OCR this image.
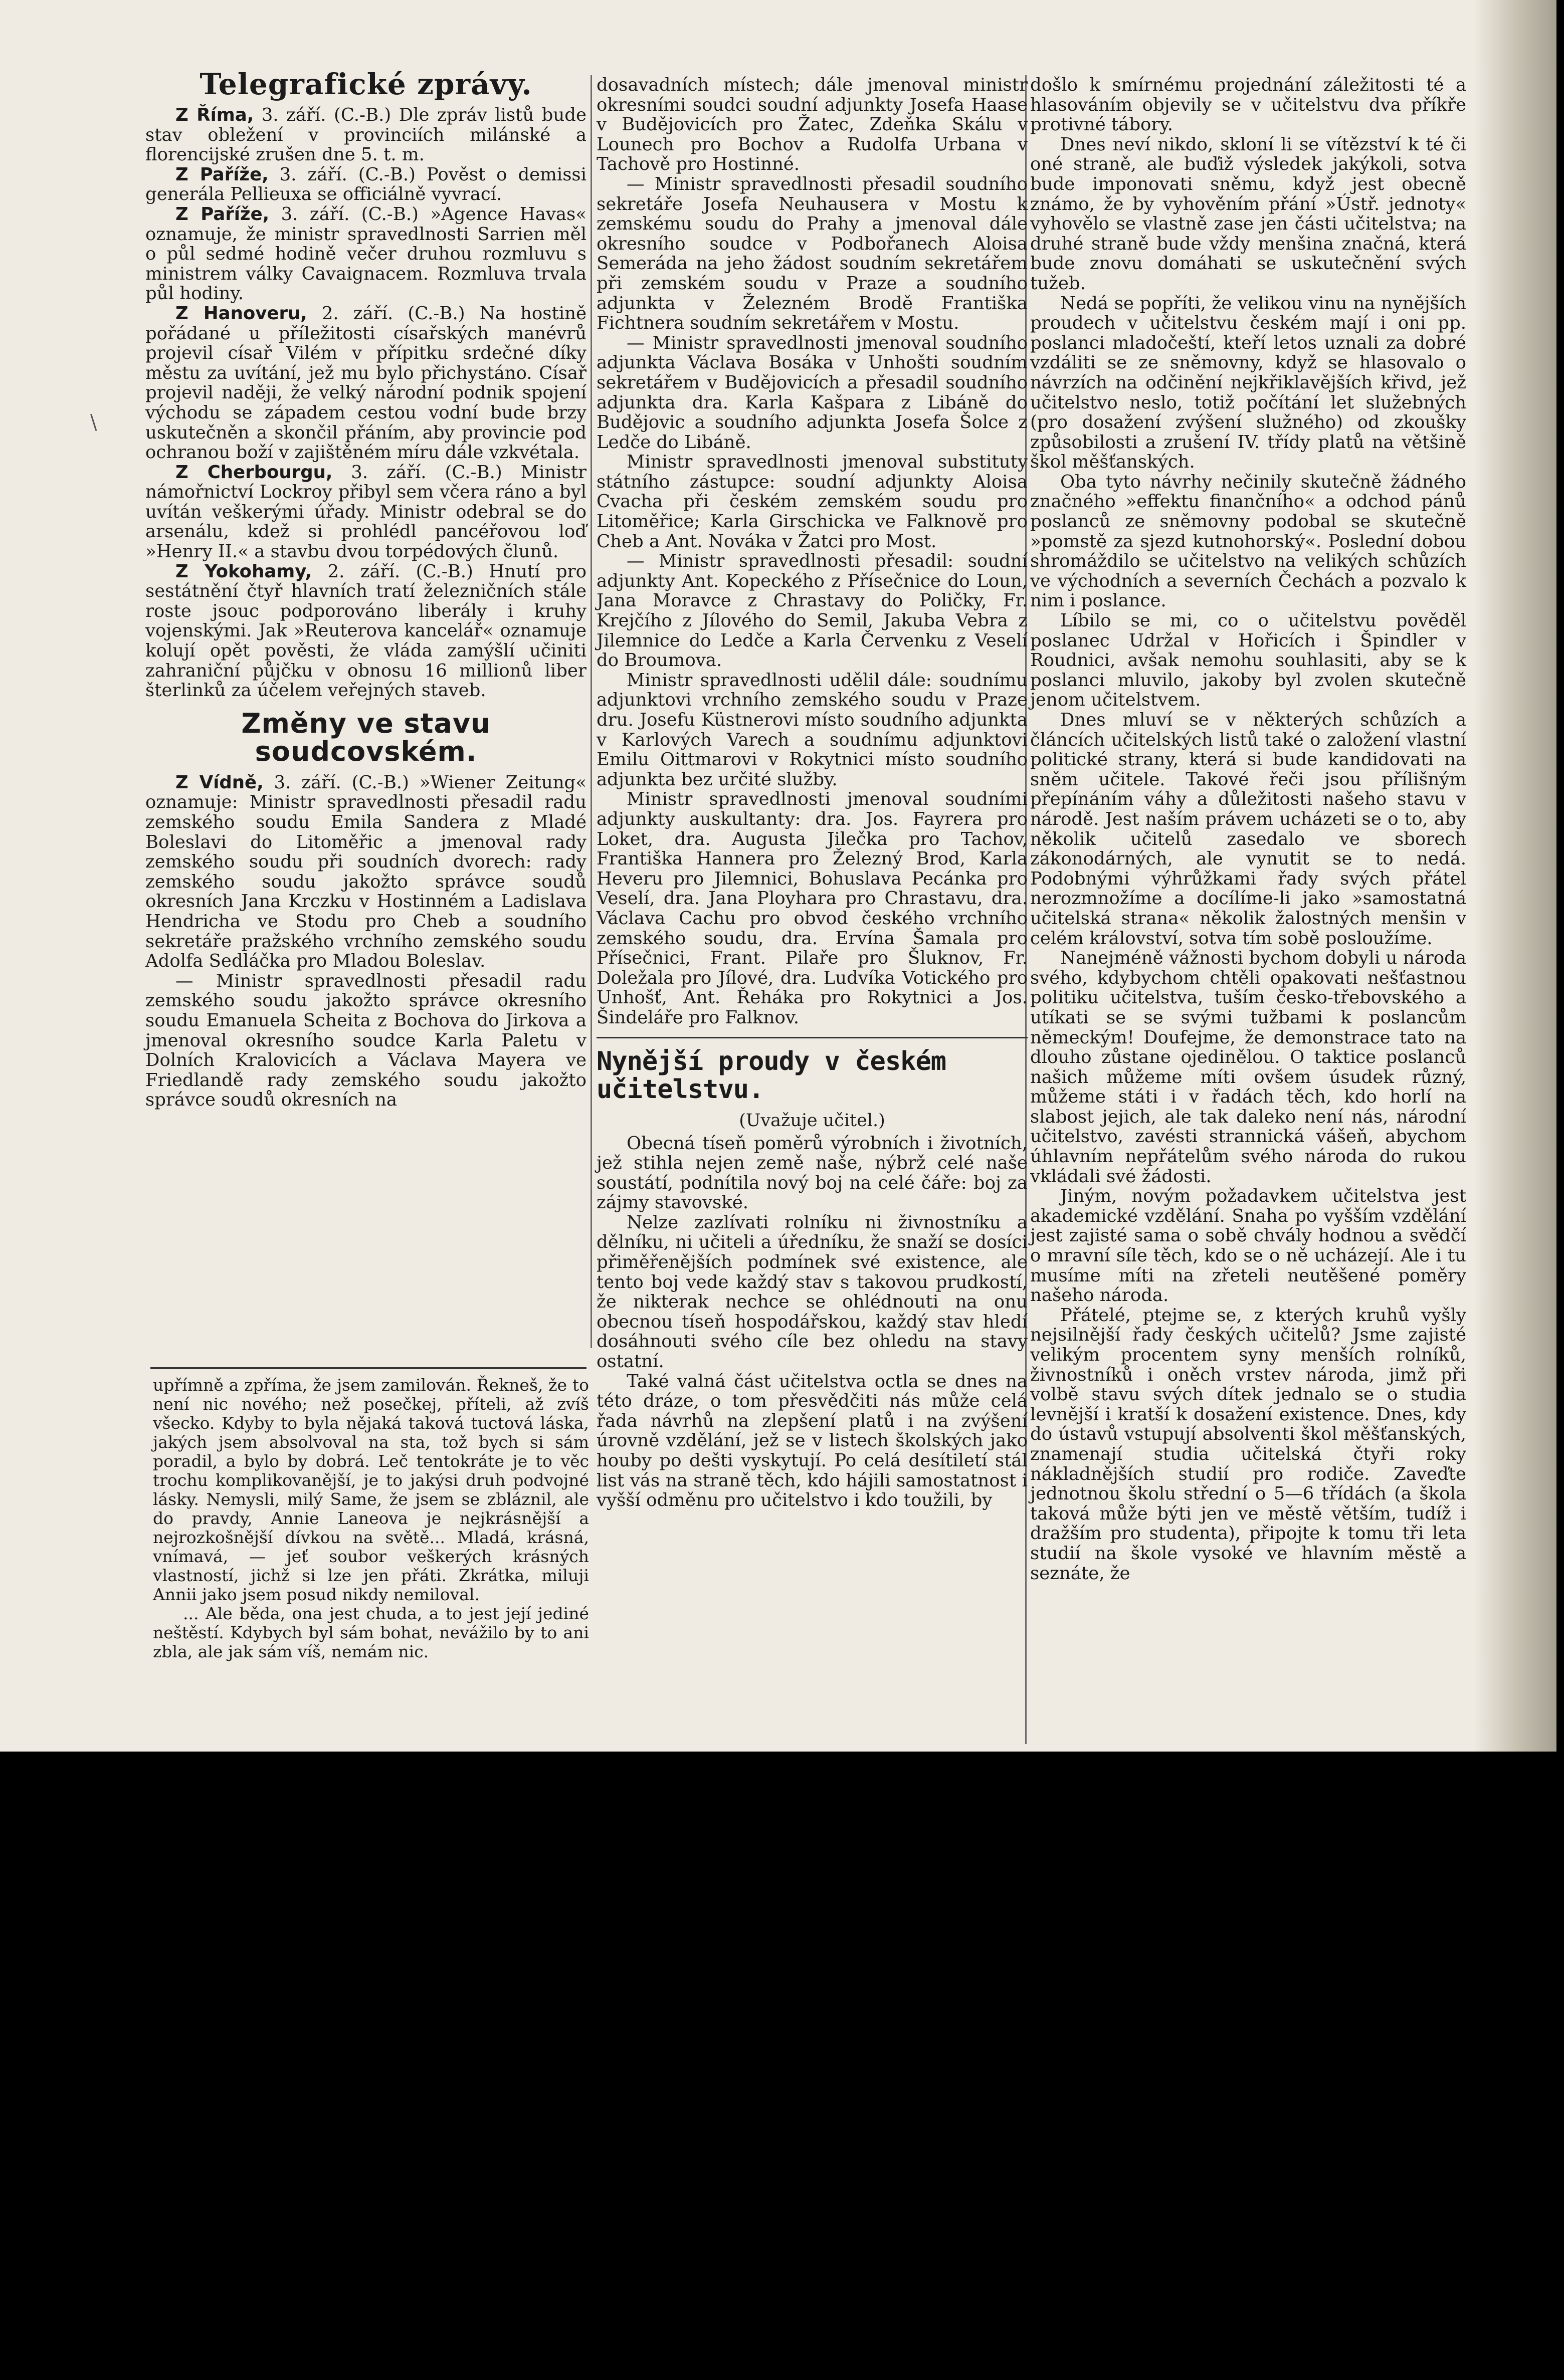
\
Telegrafické zprávy.

Z Říma, 3. září. (C.-B.) Dle zpráv listů bude stav obležení v provinciích milánské a florencijské zrušen dne 5. t. m.

Z Paříže, 3. září. (C.-B.) Pověst o demissi generála Pellieuxa se officiálně vyvrací.

Z Paříže, 3. září. (C.-B.) »Agence Havas« oznamuje, že ministr spravedlnosti Sarrien měl o půl sedmé hodině večer druhou rozmluvu s ministrem války Cavaignacem. Rozmluva trvala půl hodiny.

Z Hanoveru, 2. září. (C.-B.) Na hostině pořádané u příležitosti císařských manévrů projevil císař Vilém v přípitku srdečné díky městu za uvítání, jež mu bylo přichystáno. Císař projevil naději, že velký národní podnik spojení východu se západem cestou vodní bude brzy uskutečněn a skončil přáním, aby provincie pod ochranou boží v zajištěném míru dále vzkvétala.

Z Cherbourgu, 3. září. (C.-B.) Ministr námořnictví Lockroy přibyl sem včera ráno a byl uvítán veškerými úřady. Ministr odebral se do arsenálu, kdež si prohlédl pancéřovou loď »Henry II.« a stavbu dvou torpédových člunů.

Z Yokohamy, 2. září. (C.-B.) Hnutí pro sestátnění čtyř hlavních tratí železničních stále roste jsouc podporováno liberály i kruhy vojenskými. Jak »Reuterova kancelář« oznamuje kolují opět pověsti, že vláda zamýšlí učiniti zahraniční půjčku v obnosu 16 millionů liber šterlinků za účelem veřejných staveb.

Změny ve stavu soudcovském.

Z Vídně, 3. září. (C.-B.) »Wiener Zeitung« oznamuje: Ministr spravedlnosti přesadil radu zemského soudu Emila Sandera z Mladé Boleslavi do Litoměřic a jmenoval rady zemského soudu při soudních dvorech: rady zemského soudu jakožto správce soudů okresních Jana Krczku v Hostinném a Ladislava Hendricha ve Stodu pro Cheb a soudního sekretáře pražského vrchního zemského soudu Adolfa Sedláčka pro Mladou Boleslav.

— Ministr spravedlnosti přesadil radu zemského soudu jakožto správce okresního soudu Emanuela Scheita z Bochova do Jirkova a jmenoval okresního soudce Karla Paletu v Dolních Kralovicích a Václava Mayera ve Friedlandě rady zemského soudu jakožto správce soudů okresních na

dosavadních místech; dále jmenoval ministr okresními soudci soudní adjunkty Josefa Haase v Budějovicích pro Žatec, Zdeňka Skálu v Lounech pro Bochov a Rudolfa Urbana v Tachově pro Hostinné.

— Ministr spravedlnosti přesadil soudního sekretáře Josefa Neuhausera v Mostu k zemskému soudu do Prahy a jmenoval dále okresního soudce v Podbořanech Aloisa Semeráda na jeho žádost soudním sekretářem při zemském soudu v Praze a soudního adjunkta v Železném Brodě Františka Fichtnera soudním sekretářem v Mostu.

— Ministr spravedlnosti jmenoval soudního adjunkta Václava Bosáka v Unhošti soudním sekretářem v Budějovicích a přesadil soudního adjunkta dra. Karla Kašpara z Libáně do Budějovic a soudního adjunkta Josefa Šolce z Ledče do Libáně.

Ministr spravedlnosti jmenoval substituty státního zástupce: soudní adjunkty Aloisa Cvacha při českém zemském soudu pro Litoměřice; Karla Girschicka ve Falknově pro Cheb a Ant. Nováka v Žatci pro Most.

— Ministr spravedlnosti přesadil: soudní adjunkty Ant. Kopeckého z Přísečnice do Loun, Jana Moravce z Chrastavy do Poličky, Fr. Krejčího z Jílového do Semil, Jakuba Vebra z Jilemnice do Ledče a Karla Červenku z Veselí do Broumova.

Ministr spravedlnosti udělil dále: soudnímu adjunktovi vrchního zemského soudu v Praze dru. Josefu Küstnerovi místo soudního adjunkta v Karlových Varech a soudnímu adjunktovi Emilu Oittmarovi v Rokytnici místo soudního adjunkta bez určité služby.

Ministr spravedlnosti jmenoval soudními adjunkty auskultanty: dra. Jos. Fayrera pro Loket, dra. Augusta Jilečka pro Tachov, Františka Hannera pro Železný Brod, Karla Heveru pro Jilemnici, Bohuslava Pecánka pro Veselí, dra. Jana Ployhara pro Chrastavu, dra. Václava Cachu pro obvod českého vrchního zemského soudu, dra. Ervína Šamala pro Přísečnici, Frant. Pilaře pro Šluknov, Fr. Doležala pro Jílové, dra. Ludvíka Votického pro Unhošť, Ant. Řeháka pro Rokytnici a Jos. Šindeláře pro Falknov.

Nynější proudy v českém učitelstvu.
(Uvažuje učitel.)

Obecná tíseň poměrů výrobních i životních, jež stihla nejen země naše, nýbrž celé naše soustátí, podnítila nový boj na celé čáře: boj za zájmy stavovské.

Nelze zazlívati rolníku ni živnostníku a dělníku, ni učiteli a úředníku, že snaží se dosíci přiměřenějších podmínek své existence, ale tento boj vede každý stav s takovou prudkostí, že nikterak nechce se ohlédnouti na onu obecnou tíseň hospodářskou, každý stav hledí dosáhnouti svého cíle bez ohledu na stavy ostatní.

Také valná část učitelstva octla se dnes na této dráze, o tom přesvědčiti nás může celá řada návrhů na zlepšení platů i na zvýšení úrovně vzdělání, jež se v listech školských jako houby po dešti vyskytují. Po celá desítiletí stál list vás na straně těch, kdo hájili samostatnost i vyšší odměnu pro učitelstvo i kdo toužili, by

došlo k smírnému projednání záležitosti té a hlasováním objevily se v učitelstvu dva příkře protivné tábory.

Dnes neví nikdo, skloní li se vítězství k té či oné straně, ale buďiž výsledek jakýkoli, sotva bude imponovati sněmu, když jest obecně známo, že by vyhověním přání »Ústř. jednoty« vyhovělo se vlastně zase jen části učitelstva; na druhé straně bude vždy menšina značná, která bude znovu domáhati se uskutečnění svých tužeb.

Nedá se popříti, že velikou vinu na nynějších proudech v učitelstvu českém mají i oni pp. poslanci mladočeští, kteří letos uznali za dobré vzdáliti se ze sněmovny, když se hlasovalo o návrzích na odčinění nejkřiklavějších křivd, jež učitelstvo neslo, totiž počítání let služebných (pro dosažení zvýšení služného) od zkoušky způsobilosti a zrušení IV. třídy platů na většině škol měšťanských.

Oba tyto návrhy nečinily skutečně žádného značného »effektu finančního« a odchod pánů poslanců ze sněmovny podobal se skutečně »pomstě za sjezd kutnohorský«. Poslední dobou shromáždilo se učitelstvo na velikých schůzích ve východních a severních Čechách a pozvalo k nim i poslance.

Líbilo se mi, co o učitelstvu pověděl poslanec Udržal v Hořicích i Špindler v Roudnici, avšak nemohu souhlasiti, aby se k poslanci mluvilo, jakoby byl zvolen skutečně jenom učitelstvem.

Dnes mluví se v některých schůzích a článcích učitelských listů také o založení vlastní politické strany, která si bude kandidovati na sněm učitele. Takové řeči jsou přílišným přepínáním váhy a důležitosti našeho stavu v národě. Jest naším právem ucházeti se o to, aby několik učitelů zasedalo ve sborech zákonodárných, ale vynutit se to nedá. Podobnými výhrůžkami řady svých přátel nerozmnožíme a docílíme-li jako »samostatná učitelská strana« několik žalostných menšin v celém království, sotva tím sobě posloužíme.

Nanejméně vážnosti bychom dobyli u národa svého, kdybychom chtěli opakovati nešťastnou politiku učitelstva, tuším česko-třebovského a utíkati se se svými tužbami k poslancům německým! Doufejme, že demonstrace tato na dlouho zůstane ojedinělou. O taktice poslanců našich můžeme míti ovšem úsudek různý, můžeme státi i v řadách těch, kdo horlí na slabost jejich, ale tak daleko není nás, národní učitelstvo, zavésti strannická vášeň, abychom úhlavním nepřátelům svého národa do rukou vkládali své žádosti.

Jiným, novým požadavkem učitelstva jest akademické vzdělání. Snaha po vyšším vzdělání jest zajisté sama o sobě chvály hodnou a svědčí o mravní síle těch, kdo se o ně ucházejí. Ale i tu musíme míti na zřeteli neutěšené poměry našeho národa.

Přátelé, ptejme se, z kterých kruhů vyšly nejsilnější řady českých učitelů? Jsme zajisté velikým procentem syny menších rolníků, živnostníků i oněch vrstev národa, jimž při volbě stavu svých dítek jednalo se o studia levnější i kratší k dosažení existence. Dnes, kdy do ústavů vstupují absolventi škol měšťanských, znamenají studia učitelská čtyři roky nákladnějších studií pro rodiče. Zaveďte jednotnou školu střední o 5—6 třídách (a škola taková může býti jen ve městě větším, tudíž i dražším pro studenta), připojte k tomu tři leta studií na škole vysoké ve hlavním městě a seznáte, že

upřímně a zpříma, že jsem zamilován. Řekneš, že to není nic nového; než posečkej, příteli, až zvíš všecko. Kdyby to byla nějaká taková tuctová láska, jakých jsem absolvoval na sta, tož bych si sám poradil, a bylo by dobrá. Leč tentokráte je to věc trochu komplikovanější, je to jakýsi druh podvojné lásky. Nemysli, milý Same, že jsem se zbláznil, ale do pravdy, Annie Laneova je nejkrásnější a nejrozkošnější dívkou na světě... Mladá, krásná, vnímavá, — jeť soubor veškerých krásných vlastností, jichž si lze jen přáti. Zkrátka, miluji Annii jako jsem posud nikdy nemiloval.

... Ale běda, ona jest chuda, a to jest její jediné neštěstí. Kdybych byl sám bohat, nevážilo by to ani zbla, ale jak sám víš, nemám nic.
